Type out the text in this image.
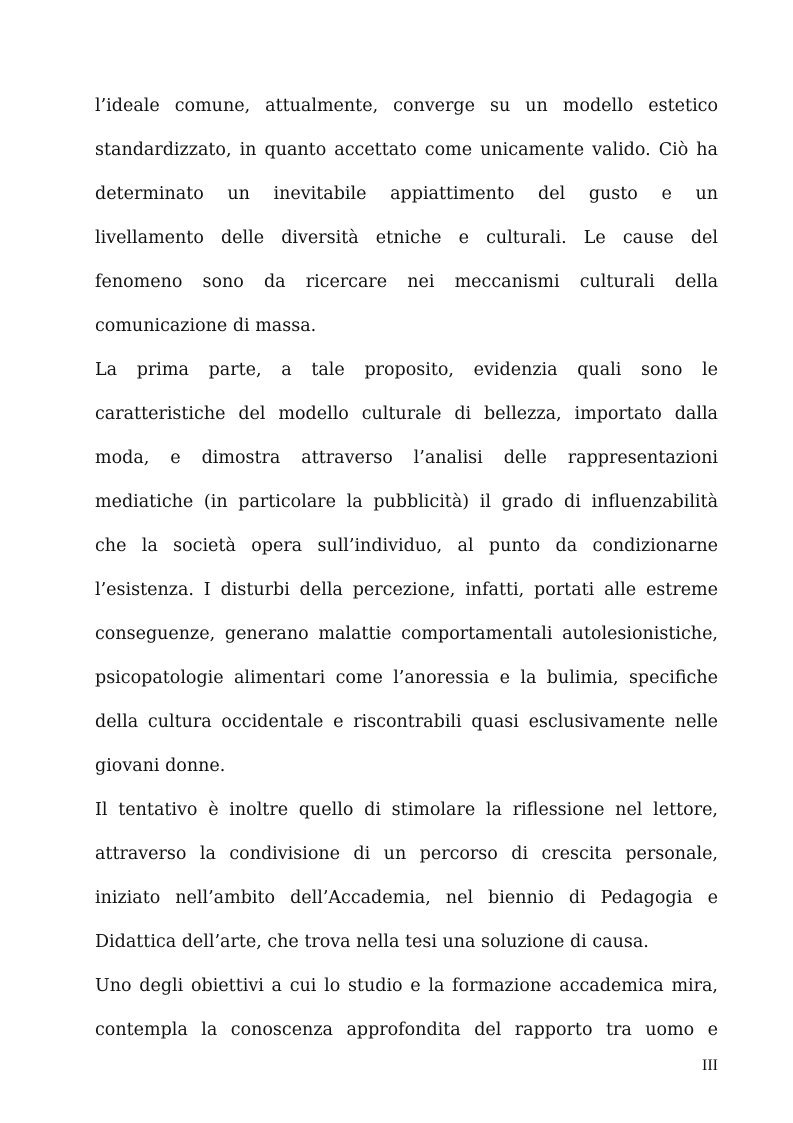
l’ideale comune, attualmente, converge su un modello estetico
standardizzato, in quanto accettato come unicamente valido. Ciò ha
determinato un inevitabile appiattimento del gusto e un
livellamento delle diversità etniche e culturali. Le cause del
fenomeno sono da ricercare nei meccanismi culturali della
comunicazione di massa.
La prima parte, a tale proposito, evidenzia quali sono le
caratteristiche del modello culturale di bellezza, importato dalla
moda, e dimostra attraverso l’analisi delle rappresentazioni
mediatiche (in particolare la pubblicità) il grado di influenzabilità
che la società opera sull’individuo, al punto da condizionarne
l’esistenza. I disturbi della percezione, infatti, portati alle estreme
conseguenze, generano malattie comportamentali autolesionistiche,
psicopatologie alimentari come l’anoressia e la bulimia, specifiche
della cultura occidentale e riscontrabili quasi esclusivamente nelle
giovani donne.
Il tentativo è inoltre quello di stimolare la riflessione nel lettore,
attraverso la condivisione di un percorso di crescita personale,
iniziato nell’ambito dell’Accademia, nel biennio di Pedagogia e
Didattica dell’arte, che trova nella tesi una soluzione di causa.
Uno degli obiettivi a cui lo studio e la formazione accademica mira,
contempla la conoscenza approfondita del rapporto tra uomo e
III
